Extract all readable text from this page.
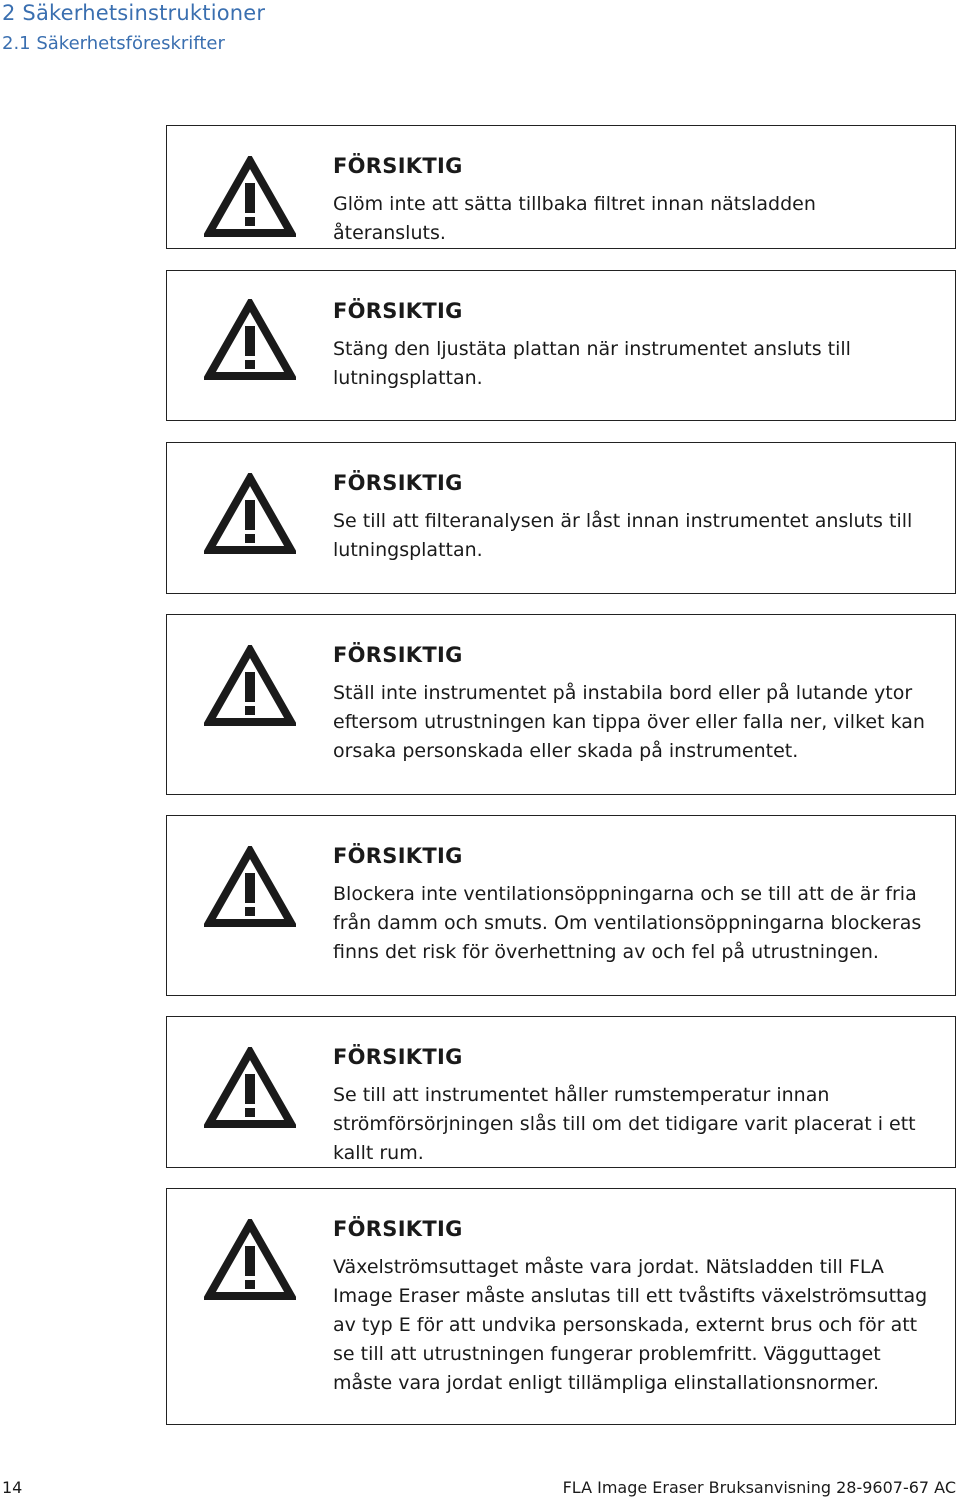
2 Säkerhetsinstruktioner
2.1 Säkerhetsföreskrifter
FÖRSIKTIG
Glöm inte att sätta tillbaka filtret innan nätsladden återansluts.
FÖRSIKTIG
Stäng den ljustäta plattan när instrumentet ansluts till lutningsplattan.
FÖRSIKTIG
Se till att filteranalysen är låst innan instrumentet ansluts till lutningsplattan.
FÖRSIKTIG
Ställ inte instrumentet på instabila bord eller på lutande ytor eftersom utrustningen kan tippa över eller falla ner, vilket kan orsaka personskada eller skada på instrumentet.
FÖRSIKTIG
Blockera inte ventilationsöppningarna och se till att de är fria från damm och smuts. Om ventilationsöppningarna blockeras finns det risk för överhettning av och fel på utrustningen.
FÖRSIKTIG
Se till att instrumentet håller rumstemperatur innan strömförsörjningen slås till om det tidigare varit placerat i ett kallt rum.
FÖRSIKTIG
Växelströmsuttaget måste vara jordat. Nätsladden till FLA Image Eraser måste anslutas till ett tvåstifts växelströmsuttag av typ E för att undvika personskada, externt brus och för att se till att utrustningen fungerar problemfritt. Vägguttaget måste vara jordat enligt tillämpliga elinstallationsnormer.
14	FLA Image Eraser Bruksanvisning 28-9607-67 AC
